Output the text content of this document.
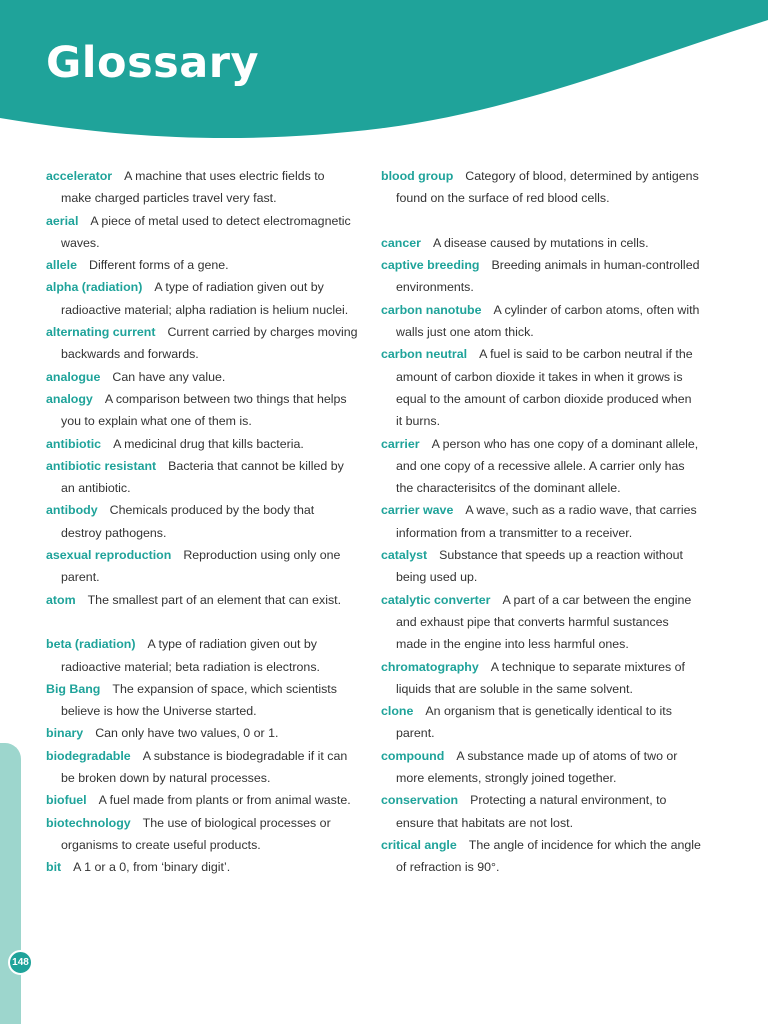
Glossary
148
accelerator A machine that uses electric fields to make charged particles travel very fast.
aerial A piece of metal used to detect electromagnetic waves.
allele Different forms of a gene.
alpha (radiation) A type of radiation given out by radioactive material; alpha radiation is helium nuclei.
alternating current Current carried by charges moving backwards and forwards.
analogue Can have any value.
analogy A comparison between two things that helps you to explain what one of them is.
antibiotic A medicinal drug that kills bacteria.
antibiotic resistant Bacteria that cannot be killed by an antibiotic.
antibody Chemicals produced by the body that destroy pathogens.
asexual reproduction Reproduction using only one parent.
atom The smallest part of an element that can exist.
beta (radiation) A type of radiation given out by radioactive material; beta radiation is electrons.
Big Bang The expansion of space, which scientists believe is how the Universe started.
binary Can only have two values, 0 or 1.
biodegradable A substance is biodegradable if it can be broken down by natural processes.
biofuel A fuel made from plants or from animal waste.
biotechnology The use of biological processes or organisms to create useful products.
bit A 1 or a 0, from ‘binary digit’.
blood group Category of blood, determined by antigens found on the surface of red blood cells.
cancer A disease caused by mutations in cells.
captive breeding Breeding animals in human-controlled environments.
carbon nanotube A cylinder of carbon atoms, often with walls just one atom thick.
carbon neutral A fuel is said to be carbon neutral if the amount of carbon dioxide it takes in when it grows is equal to the amount of carbon dioxide produced when it burns.
carrier A person who has one copy of a dominant allele, and one copy of a recessive allele. A carrier only has the characterisitcs of the dominant allele.
carrier wave A wave, such as a radio wave, that carries information from a transmitter to a receiver.
catalyst Substance that speeds up a reaction without being used up.
catalytic converter A part of a car between the engine and exhaust pipe that converts harmful sustances made in the engine into less harmful ones.
chromatography A technique to separate mixtures of liquids that are soluble in the same solvent.
clone An organism that is genetically identical to its parent.
compound A substance made up of atoms of two or more elements, strongly joined together.
conservation Protecting a natural environment, to ensure that habitats are not lost.
critical angle The angle of incidence for which the angle of refraction is 90°.
